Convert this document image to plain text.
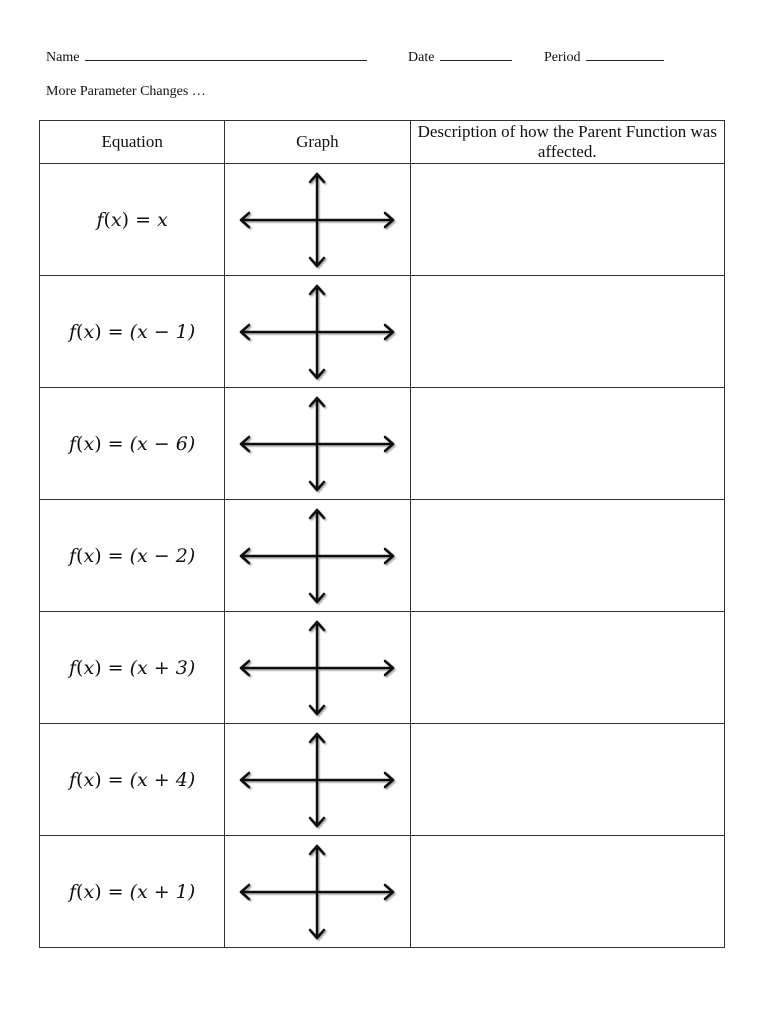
Name	Date	Period
More Parameter Changes …
Equation	Graph	Description of how the Parent Function was affected.
f(x) = x	

f(x) = (x − 1)	

f(x) = (x − 6)	

f(x) = (x − 2)	

f(x) = (x + 3)	

f(x) = (x + 4)	

f(x) = (x + 1)	
